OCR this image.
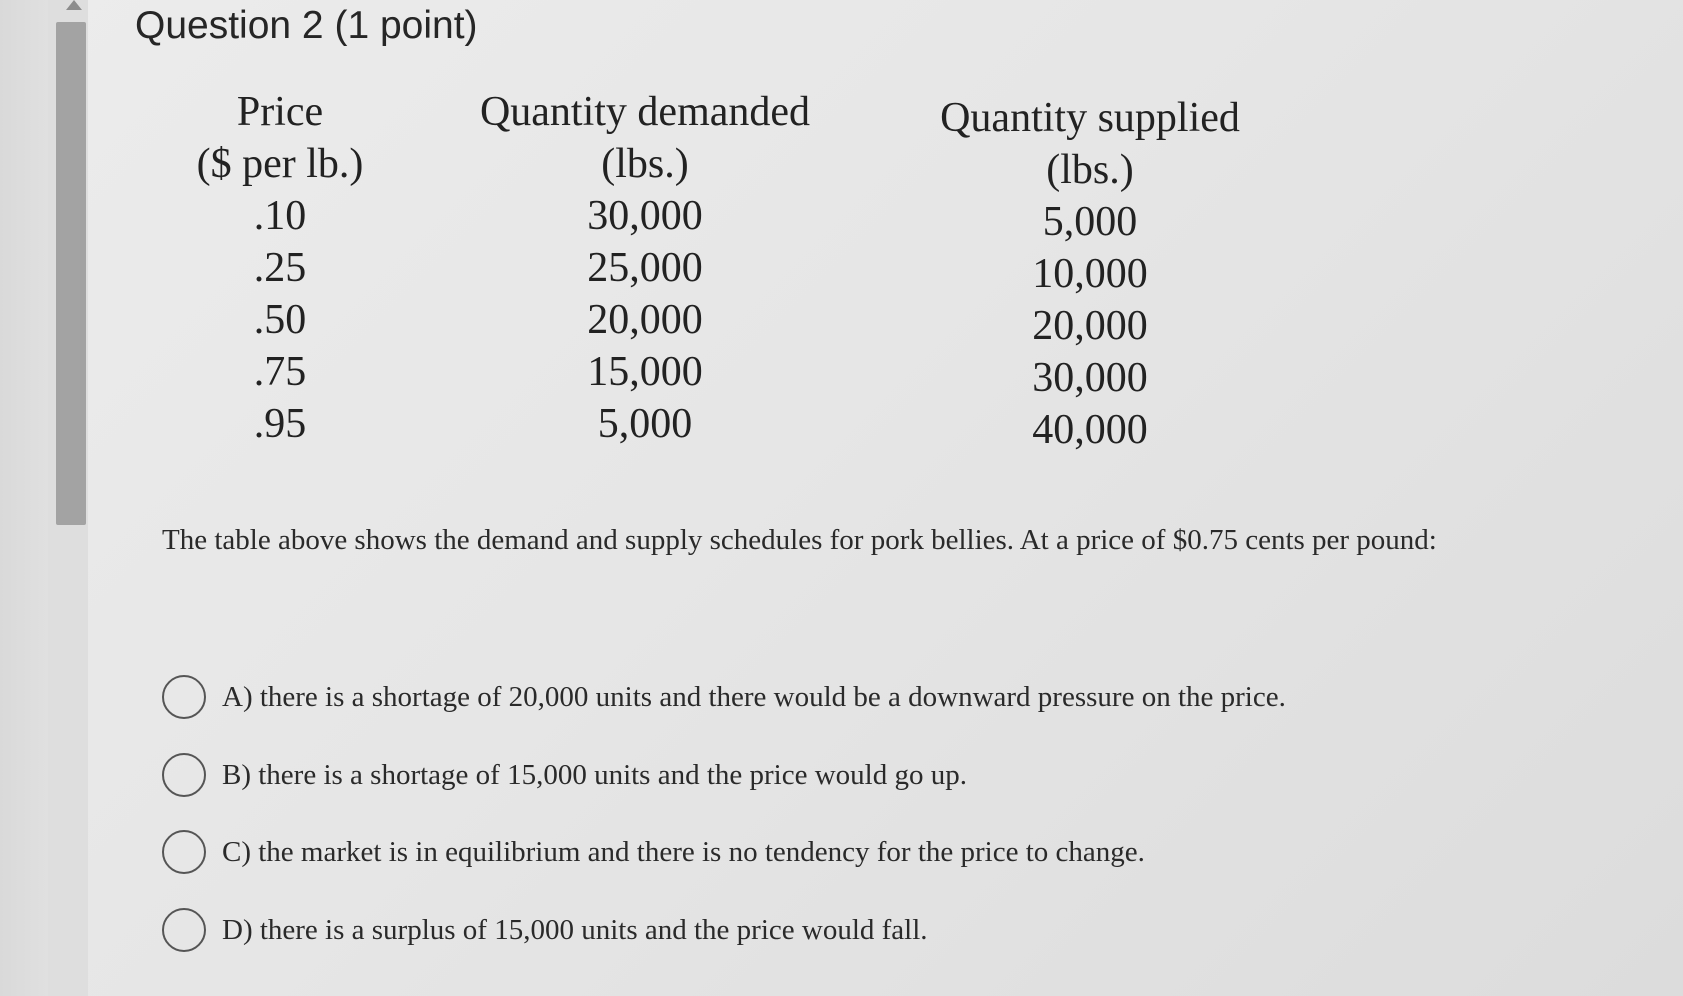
Question 2 (1 point)
Price
($ per lb.)
.10
.25
.50
.75
.95
Quantity demanded
(lbs.)
30,000
25,000
20,000
15,000
5,000
Quantity supplied
(lbs.)
5,000
10,000
20,000
30,000
40,000
The table above shows the demand and supply schedules for pork bellies. At a price of $0.75 cents per pound:
A) there is a shortage of 20,000 units and there would be a downward pressure on the price.
B) there is a shortage of 15,000 units and the price would go up.
C) the market is in equilibrium and there is no tendency for the price to change.
D) there is a surplus of 15,000 units and the price would fall.
